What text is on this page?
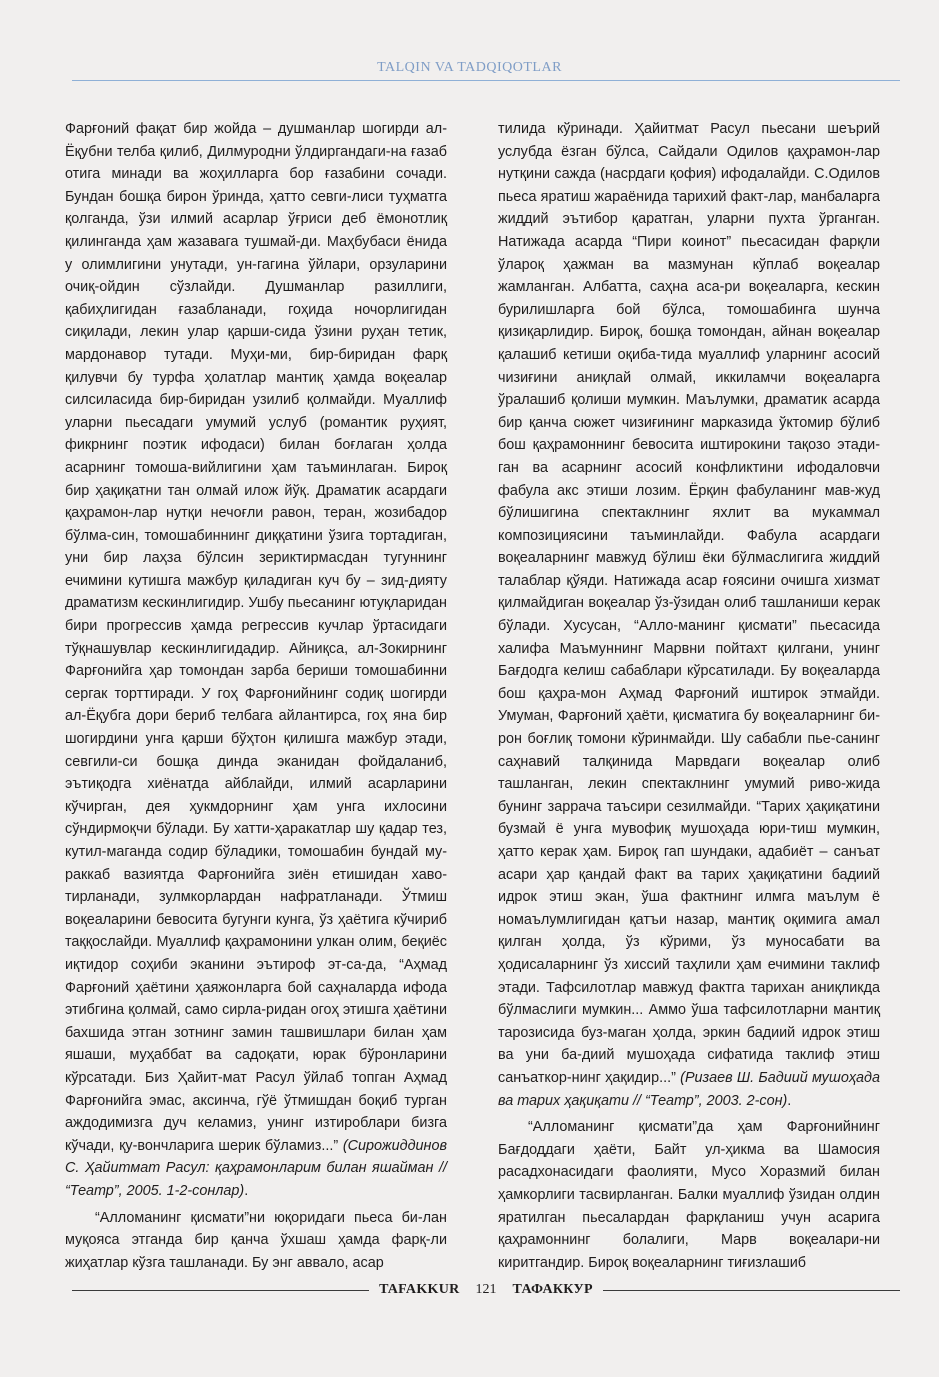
TALQIN VA TADQIQOTLAR

Фарғоний фақат бир жойда – душманлар шогирди ал-Ёқубни телба қилиб, Дилмуродни ўлдиргандаги-на ғазаб отига минади ва жоҳилларга бор ғазабини сочади. Бундан бошқа бирон ўринда, ҳатто севги-лиси туҳматга қолганда, ўзи илмий асарлар ўғриси деб ёмонотлиқ қилинганда ҳам жазавага тушмай-ди. Маҳбубаси ёнида у олимлигини унутади, ун-гагина ўйлари, орзуларини очиқ-ойдин сўзлайди. Душманлар разиллиги, қабиҳлигидан ғазабланади, гоҳида ночорлигидан сиқилади, лекин улар қарши-сида ўзини руҳан тетик, мардонавор тутади. Муҳи-ми, бир-биридан фарқ қилувчи бу турфа ҳолатлар мантиқ ҳамда воқеалар силсиласида бир-биридан узилиб қолмайди. Муаллиф уларни пьесадаги умумий услуб (романтик руҳият, фикрнинг поэтик ифодаси) билан боғлаган ҳолда асарнинг томоша-вийлигини ҳам таъминлаган. Бироқ бир ҳақиқатни тан олмай илож йўқ. Драматик асардаги қаҳрамон-лар нутқи нечоғли равон, теран, жозибадор бўлма-син, томошабиннинг диққатини ўзига тортадиган, уни бир лаҳза бўлсин зериктирмасдан тугуннинг ечимини кутишга мажбур қиладиган куч бу – зид-дияту драматизм кескинлигидир. Ушбу пьесанинг ютуқларидан бири прогрессив ҳамда регрессив кучлар ўртасидаги тўқнашувлар кескинлигидадир. Айниқса, ал-Зокирнинг Фарғонийга ҳар томондан зарба бериши томошабинни сергак торттиради. У гоҳ Фарғонийнинг содиқ шогирди ал-Ёқубга дори бериб телбага айлантирса, гоҳ яна бир шогирдини унга қарши бўҳтон қилишга мажбур этади, севгили-си бошқа динда эканидан фойдаланиб, эътиқодга хиёнатда айблайди, илмий асарларини кўчирган, дея ҳукмдорнинг ҳам унга ихлосини сўндирмоқчи бўлади. Бу хатти-ҳаракатлар шу қадар тез, кутил-маганда содир бўладики, томошабин бундай му-раккаб вазиятда Фарғонийга зиён етишидан хаво-тирланади, зулмкорлардан нафратланади. Ўтмиш воқеаларини бевосита бугунги кунга, ўз ҳаётига кўчириб таққослайди. Муаллиф қаҳрамонини улкан олим, беқиёс иқтидор соҳиби эканини эътироф эт-са-да, “Аҳмад Фарғоний ҳаётини ҳаяжонларга бой саҳналарда ифода этибгина қолмай, само сирла-ридан огоҳ этишга ҳаётини бахшида этган зотнинг замин ташвишлари билан ҳам яшаши, муҳаббат ва садоқати, юрак бўронларини кўрсатади. Биз Ҳайит-мат Расул ўйлаб топган Аҳмад Фарғонийга эмас, аксинча, гўё ўтмишдан боқиб турган аждодимизга дуч келамиз, унинг изтироблари бизга кўчади, қу-вончларига шерик бўламиз...” (Сирожиддинов С. Ҳайитмат Расул: қаҳрамонларим билан яшайман // “Театр”, 2005. 1-2-сонлар).

“Алломанинг қисмати”ни юқоридаги пьеса би-лан муқояса этганда бир қанча ўхшаш ҳамда фарқ-ли жиҳатлар кўзга ташланади. Бу энг аввало, асар

тилида кўринади. Ҳайитмат Расул пьесани шеърий услубда ёзган бўлса, Сайдали Одилов қаҳрамон-лар нутқини сажда (насрдаги қофия) ифодалайди. С.Одилов пьеса яратиш жараёнида тарихий факт-лар, манбаларга жиддий эътибор қаратган, уларни пухта ўрганган. Натижада асарда “Пири коинот” пьесасидан фарқли ўлароқ ҳажман ва мазмунан кўплаб воқеалар жамланган. Албатта, саҳна аса-ри воқеаларга, кескин бурилишларга бой бўлса, томошабинга шунча қизиқарлидир. Бироқ, бошқа томондан, айнан воқеалар қалашиб кетиши оқиба-тида муаллиф уларнинг асосий чизиғини аниқлай олмай, иккиламчи воқеаларга ўралашиб қолиши мумкин. Маълумки, драматик асарда бир қанча сюжет чизиғининг марказида ўктомир бўлиб бош қаҳрамоннинг бевосита иштирокини тақозо этади-ган ва асарнинг асосий конфликтини ифодаловчи фабула акс этиши лозим. Ёрқин фабуланинг мав-жуд бўлишигина спектаклнинг яхлит ва мукаммал композициясини таъминлайди. Фабула асардаги воқеаларнинг мавжуд бўлиш ёки бўлмаслигига жиддий талаблар қўяди. Натижада асар ғоясини очишга хизмат қилмайдиган воқеалар ўз-ўзидан олиб ташланиши керак бўлади. Хусусан, “Алло-манинг қисмати” пьесасида халифа Маъмуннинг Марвни пойтахт қилгани, унинг Бағдодга келиш сабаблари кўрсатилади. Бу воқеаларда бош қаҳра-мон Аҳмад Фарғоний иштирок этмайди. Умуман, Фарғоний ҳаёти, қисматига бу воқеаларнинг би-рон боғлиқ томони кўринмайди. Шу сабабли пье-санинг саҳнавий талқинида Марвдаги воқеалар олиб ташланган, лекин спектаклнинг умумий риво-жида бунинг заррача таъсири сезилмайди. “Тарих ҳақиқатини бузмай ё унга мувофиқ мушоҳада юри-тиш мумкин, ҳатто керак ҳам. Бироқ гап шундаки, адабиёт – санъат асари ҳар қандай факт ва тарих ҳақиқатини бадиий идрок этиш экан, ўша фактнинг илмга маълум ё номаълумлигидан қатъи назар, мантиқ оқимига амал қилган ҳолда, ўз кўрими, ўз муносабати ва ҳодисаларнинг ўз хиссий таҳлили ҳам ечимини таклиф этади. Тафсилотлар мавжуд фактга тарихан аниқликда бўлмаслиги мумкин... Аммо ўша тафсилотларни мантиқ тарозисида буз-маган ҳолда, эркин бадиий идрок этиш ва уни ба-диий мушоҳада сифатида таклиф этиш санъаткор-нинг ҳақидир...” (Ризаев Ш. Бадиий мушоҳада ва тарих ҳақиқати // “Театр”, 2003. 2-сон).

“Алломанинг қисмати”да ҳам Фарғонийнинг Бағдоддаги ҳаёти, Байт ул-ҳикма ва Шамосия расадхонасидаги фаолияти, Мусо Хоразмий билан ҳамкорлиги тасвирланган. Балки муаллиф ўзидан олдин яратилган пьесалардан фарқланиш учун асарига қаҳрамоннинг болалиги, Марв воқеалари-ни киритгандир. Бироқ воқеаларнинг тиғизлашиб

TAFAKKUR	121	ТАФАККУР
